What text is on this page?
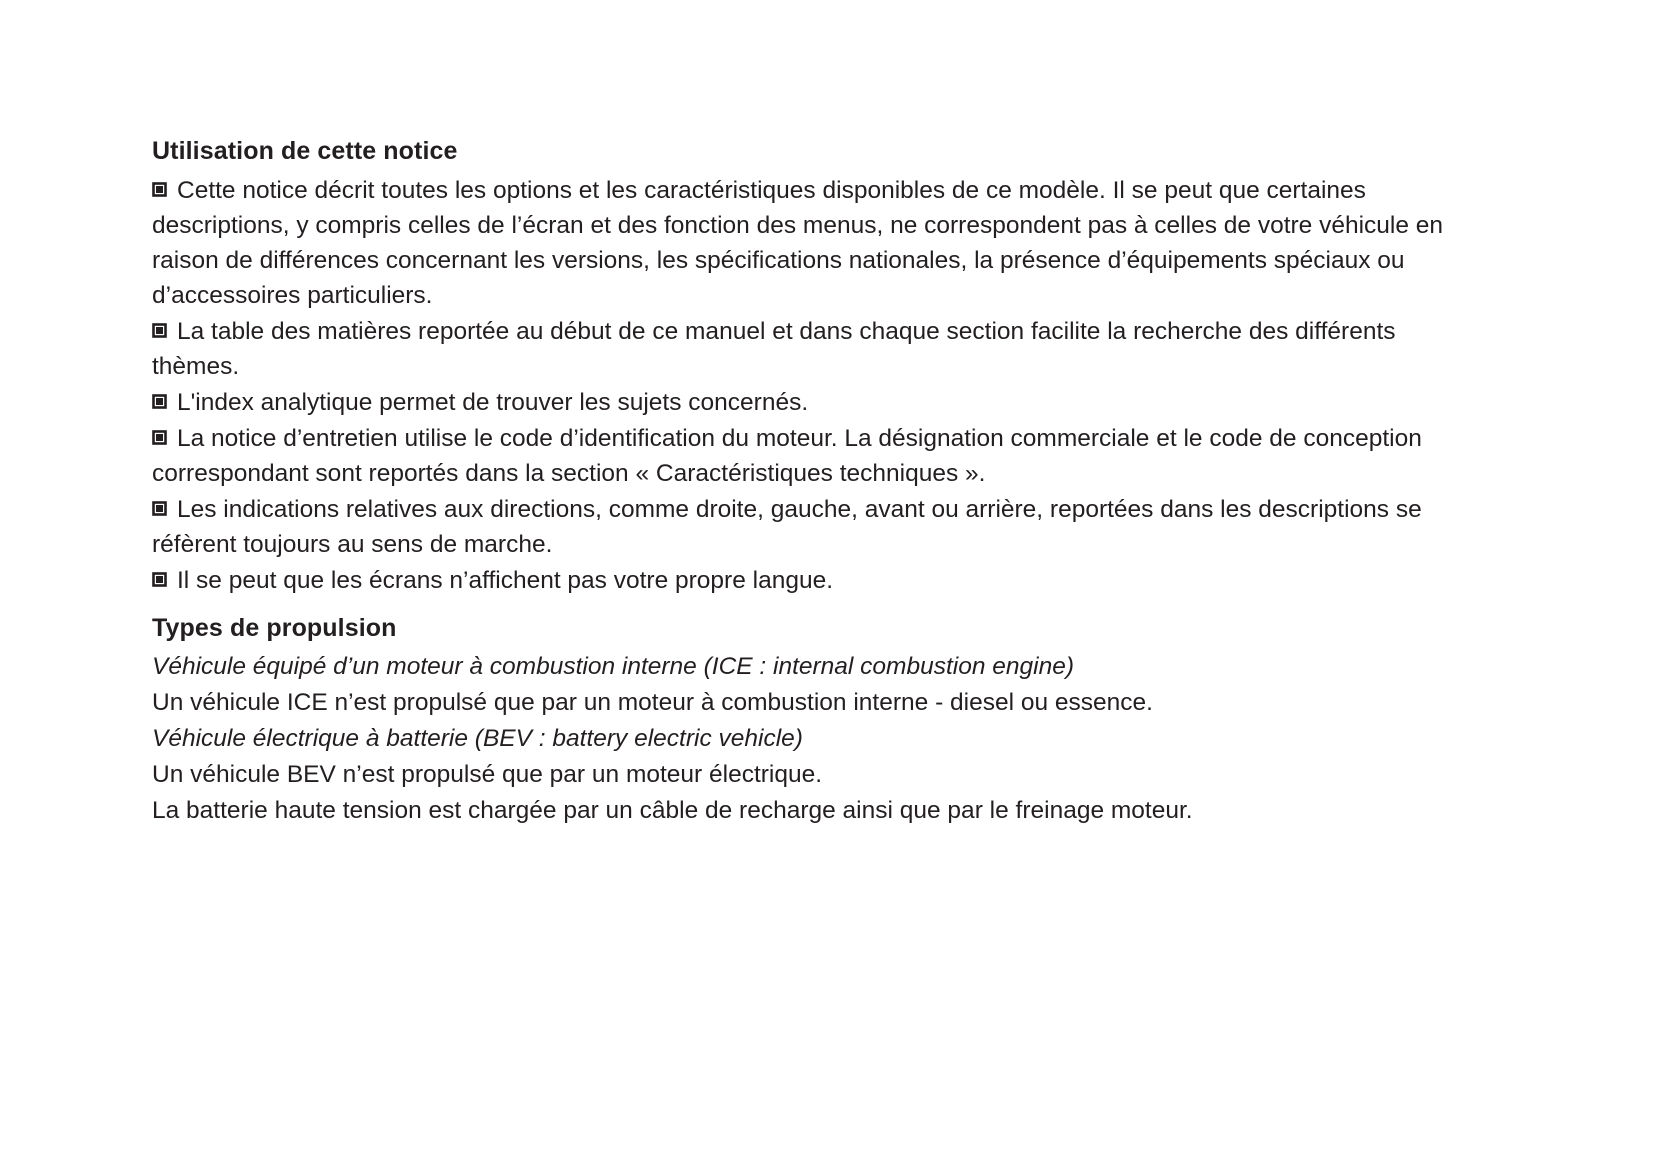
Utilisation de cette notice

Cette notice décrit toutes les options et les caractéristiques disponibles de ce modèle. Il se peut que certaines descriptions, y compris celles de l’écran et des fonction des menus, ne correspondent pas à celles de votre véhicule en raison de différences concernant les versions, les spécifications nationales, la présence d’équipements spéciaux ou d’accessoires particuliers.

La table des matières reportée au début de ce manuel et dans chaque section facilite la recherche des différents thèmes.

L'index analytique permet de trouver les sujets concernés.

La notice d’entretien utilise le code d’identification du moteur. La désignation commerciale et le code de conception correspondant sont reportés dans la section « Caractéristiques techniques ».

Les indications relatives aux directions, comme droite, gauche, avant ou arrière, reportées dans les descriptions se réfèrent toujours au sens de marche.

Il se peut que les écrans n’affichent pas votre propre langue.

Types de propulsion

Véhicule équipé d’un moteur à combustion interne (ICE : internal combustion engine)

Un véhicule ICE n’est propulsé que par un moteur à combustion interne - diesel ou essence.

Véhicule électrique à batterie (BEV : battery electric vehicle)

Un véhicule BEV n’est propulsé que par un moteur électrique.

La batterie haute tension est chargée par un câble de recharge ainsi que par le freinage moteur.
